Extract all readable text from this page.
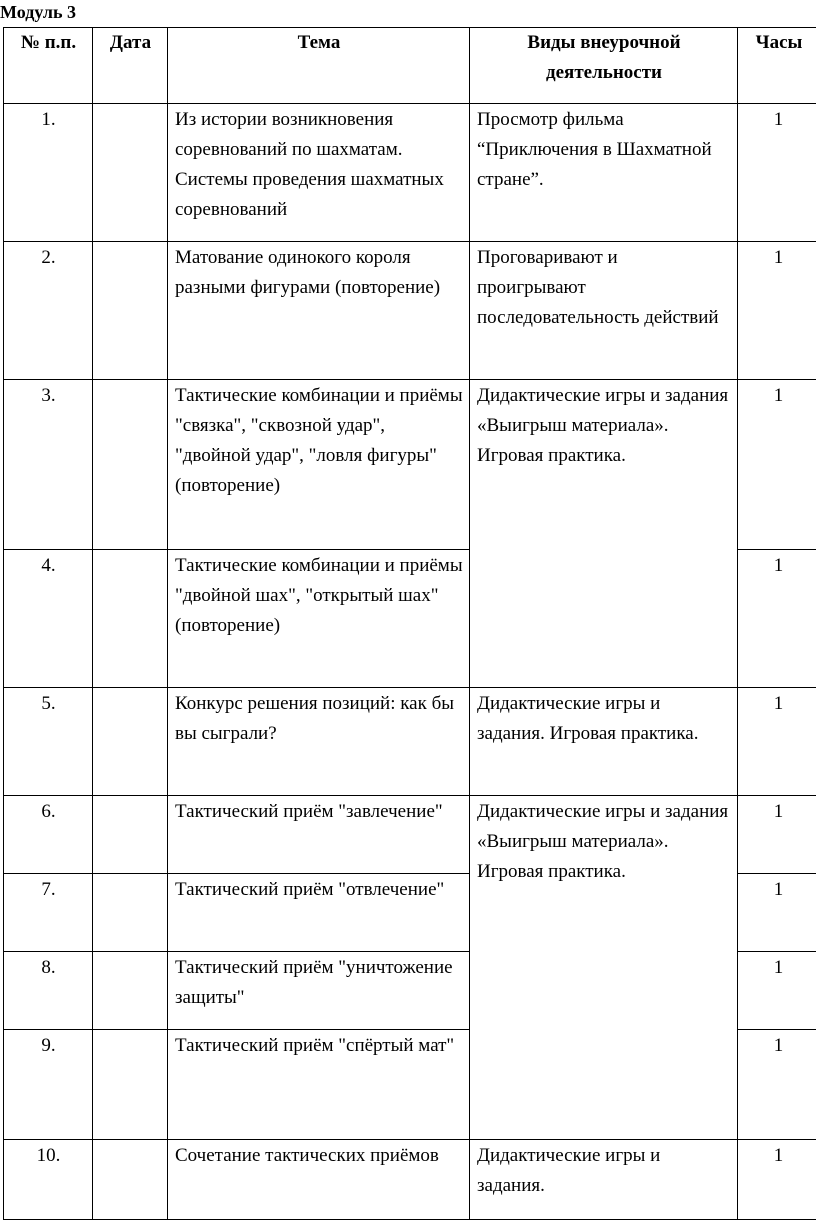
Модуль 3
№ п.п.	Дата	Тема	Виды внеурочной деятельности	Часы
1.		Из истории возникновения соревнований по шахматам. Системы проведения шахматных соревнований	Просмотр фильма “Приключения в Шахматной стране”.	1
2.		Матование одинокого короля разными фигурами (повторение)	Проговаривают и проигрывают последовательность действий	1
3.		Тактические комбинации и приёмы "связка", "сквозной удар", "двойной удар", "ловля фигуры" (повторение)	Дидактические игры и задания «Выигрыш материала». Игровая практика.	1
4.		Тактические комбинации и приёмы "двойной шах", "открытый шах" (повторение)		1
5.		Конкурс решения позиций: как бы вы сыграли?	Дидактические игры и задания. Игровая практика.	1
6.		Тактический приём "завлечение"	Дидактические игры и задания «Выигрыш материала». Игровая практика.	1
7.		Тактический приём "отвлечение"		1
8.		Тактический приём "уничтожение защиты"		1
9.		Тактический приём "спёртый мат"		1
10.		Сочетание тактических приёмов	Дидактические игры и задания.	1
